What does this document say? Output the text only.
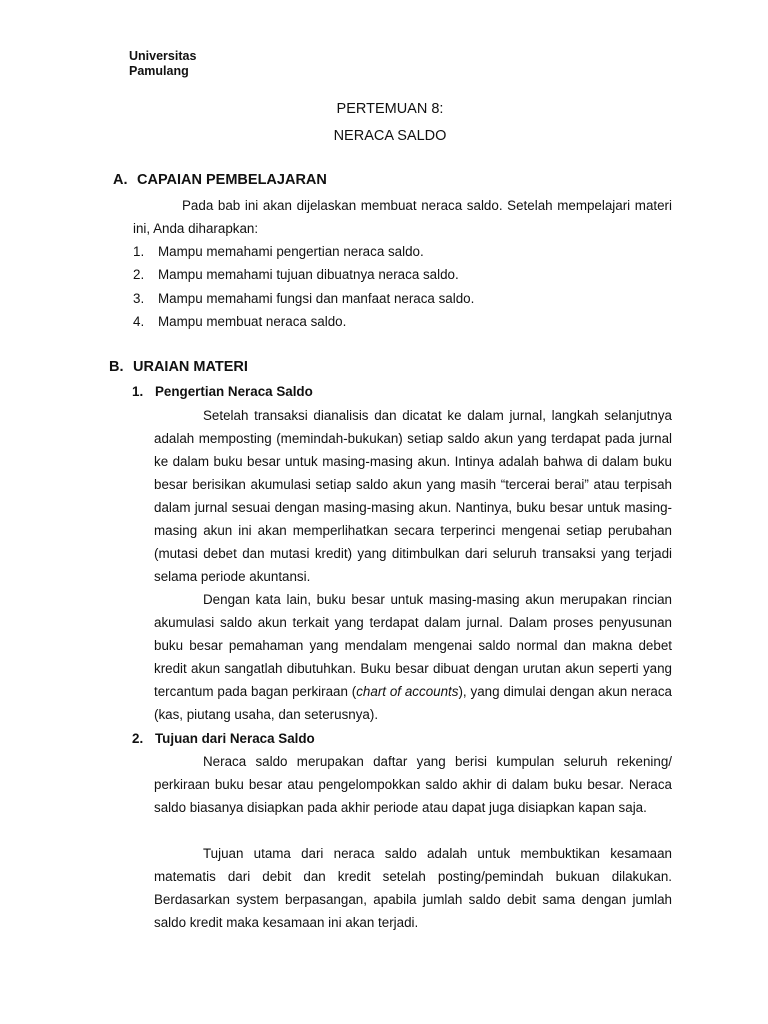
Universitas
Pamulang
PERTEMUAN 8:
NERACA SALDO
A. CAPAIAN PEMBELAJARAN
Pada bab ini akan dijelaskan membuat neraca saldo. Setelah mempelajari materi ini, Anda diharapkan:
1. Mampu memahami pengertian neraca saldo.
2. Mampu memahami tujuan dibuatnya neraca saldo.
3. Mampu memahami fungsi dan manfaat neraca saldo.
4. Mampu membuat neraca saldo.
B. URAIAN MATERI
1. Pengertian Neraca Saldo
Setelah transaksi dianalisis dan dicatat ke dalam jurnal, langkah selanjutnya adalah memposting (memindah-bukukan) setiap saldo akun yang terdapat pada jurnal ke dalam buku besar untuk masing-masing akun. Intinya adalah bahwa di dalam buku besar berisikan akumulasi setiap saldo akun yang masih “tercerai berai” atau terpisah dalam jurnal sesuai dengan masing-masing akun. Nantinya, buku besar untuk masing-masing akun ini akan memperlihatkan secara terperinci mengenai setiap perubahan (mutasi debet dan mutasi kredit) yang ditimbulkan dari seluruh transaksi yang terjadi selama periode akuntansi.
Dengan kata lain, buku besar untuk masing-masing akun merupakan rincian akumulasi saldo akun terkait yang terdapat dalam jurnal. Dalam proses penyusunan buku besar pemahaman yang mendalam mengenai saldo normal dan makna debet kredit akun sangatlah dibutuhkan. Buku besar dibuat dengan urutan akun seperti yang tercantum pada bagan perkiraan (chart of accounts), yang dimulai dengan akun neraca (kas, piutang usaha, dan seterusnya).
2. Tujuan dari Neraca Saldo
Neraca saldo merupakan daftar yang berisi kumpulan seluruh rekening/ perkiraan buku besar atau pengelompokkan saldo akhir di dalam buku besar. Neraca saldo biasanya disiapkan pada akhir periode atau dapat juga disiapkan kapan saja.
Tujuan utama dari neraca saldo adalah untuk membuktikan kesamaan matematis dari debit dan kredit setelah posting/pemindah bukuan dilakukan. Berdasarkan system berpasangan, apabila jumlah saldo debit sama dengan jumlah saldo kredit maka kesamaan ini akan terjadi.
